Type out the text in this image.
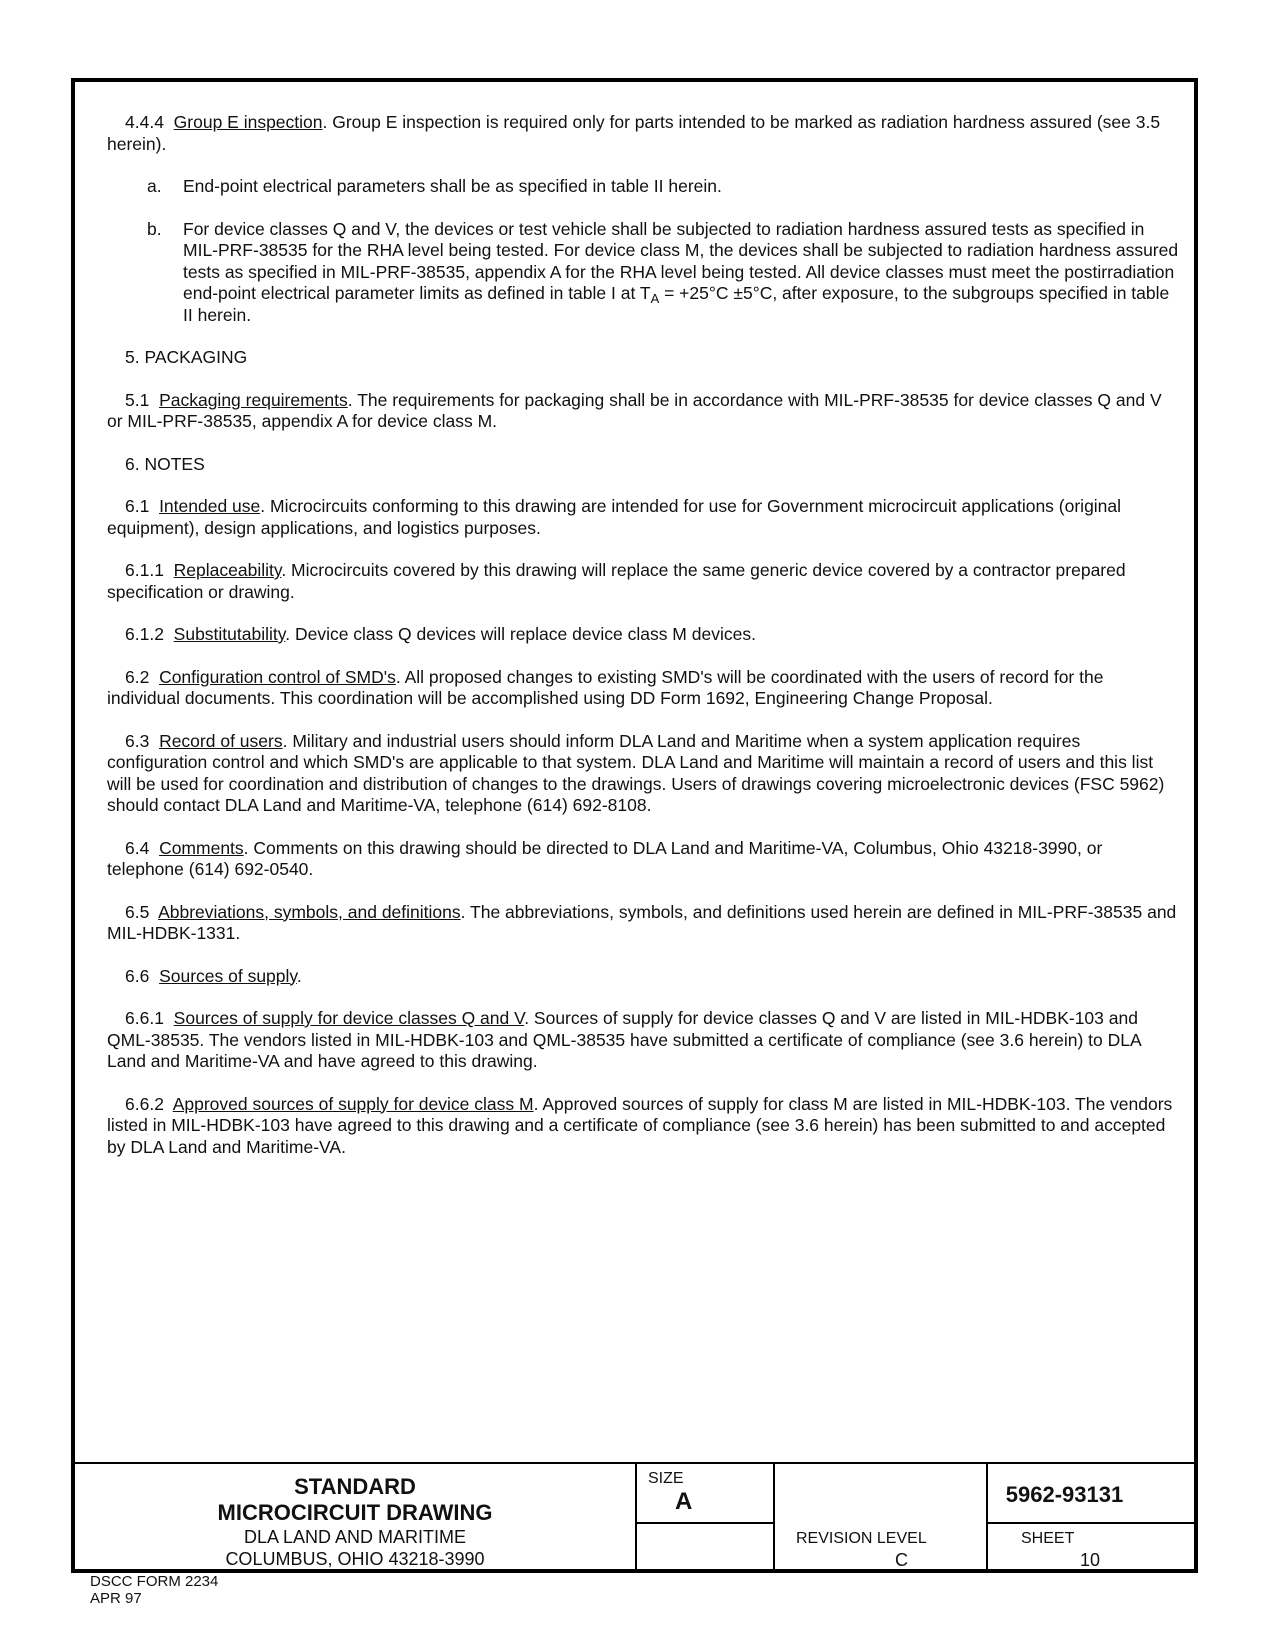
4.4.4 Group E inspection. Group E inspection is required only for parts intended to be marked as radiation hardness assured (see 3.5 herein).

a. End-point electrical parameters shall be as specified in table II herein.
b. For device classes Q and V, the devices or test vehicle shall be subjected to radiation hardness assured tests as specified in MIL-PRF-38535 for the RHA level being tested. For device class M, the devices shall be subjected to radiation hardness assured tests as specified in MIL-PRF-38535, appendix A for the RHA level being tested. All device classes must meet the postirradiation end-point electrical parameter limits as defined in table I at $T_A = +25^\circ C \pm 5^\circ C$, after exposure, to the subgroups specified in table II herein.

5. PACKAGING

5.1 Packaging requirements. The requirements for packaging shall be in accordance with MIL-PRF-38535 for device classes Q and V or MIL-PRF-38535, appendix A for device class M.

6. NOTES

6.1 Intended use. Microcircuits conforming to this drawing are intended for use for Government microcircuit applications (original equipment), design applications, and logistics purposes.

6.1.1 Replaceability. Microcircuits covered by this drawing will replace the same generic device covered by a contractor prepared specification or drawing.

6.1.2 Substitutability. Device class Q devices will replace device class M devices.

6.2 Configuration control of SMD's. All proposed changes to existing SMD's will be coordinated with the users of record for the individual documents. This coordination will be accomplished using DD Form 1692, Engineering Change Proposal.

6.3 Record of users. Military and industrial users should inform DLA Land and Maritime when a system application requires configuration control and which SMD's are applicable to that system. DLA Land and Maritime will maintain a record of users and this list will be used for coordination and distribution of changes to the drawings. Users of drawings covering microelectronic devices (FSC 5962) should contact DLA Land and Maritime-VA, telephone (614) 692-8108.

6.4 Comments. Comments on this drawing should be directed to DLA Land and Maritime-VA, Columbus, Ohio 43218-3990, or telephone (614) 692-0540.

6.5 Abbreviations, symbols, and definitions. The abbreviations, symbols, and definitions used herein are defined in MIL-PRF-38535 and MIL-HDBK-1331.

6.6 Sources of supply.

6.6.1 Sources of supply for device classes Q and V. Sources of supply for device classes Q and V are listed in MIL-HDBK-103 and QML-38535. The vendors listed in MIL-HDBK-103 and QML-38535 have submitted a certificate of compliance (see 3.6 herein) to DLA Land and Maritime-VA and have agreed to this drawing.

6.6.2 Approved sources of supply for device class M. Approved sources of supply for class M are listed in MIL-HDBK-103. The vendors listed in MIL-HDBK-103 have agreed to this drawing and a certificate of compliance (see 3.6 herein) has been submitted to and accepted by DLA Land and Maritime-VA.

STANDARD
MICROCIRCUIT DRAWING
DLA LAND AND MARITIME
COLUMBUS, OHIO 43218-3990
SIZE
A	5962-93131
REVISION LEVEL
C
SHEET
10
DSCC FORM 2234
APR 97
